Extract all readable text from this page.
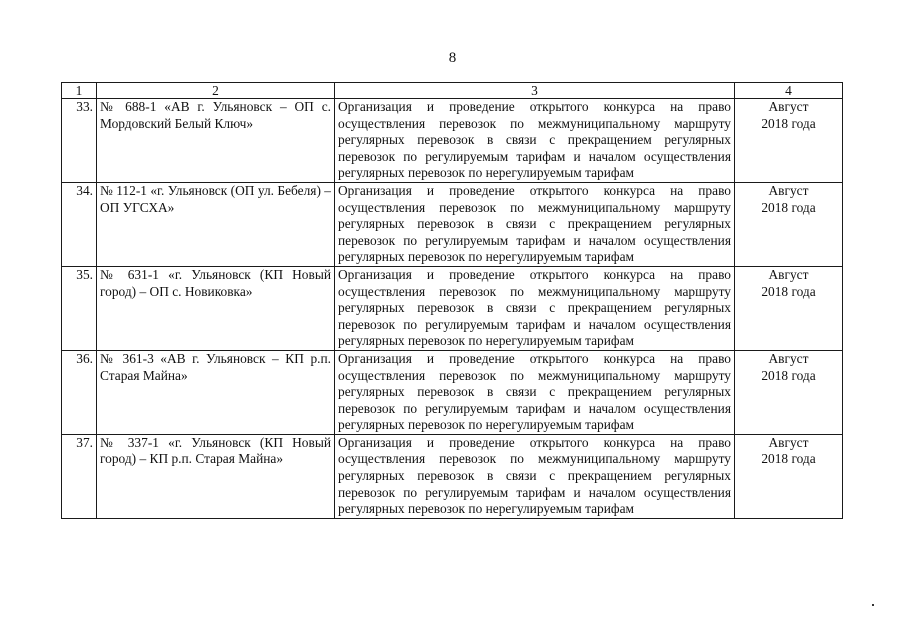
8
1	2	3	4
33.	№ 688-1 «АВ г. Ульяновск – ОП с. Мордовский Белый Ключ»	Организация и проведение открытого конкурса на право осуществления перевозок по межмуниципальному маршруту регулярных перевозок в связи с прекращением регулярных перевозок по регулируемым тарифам и началом осуществления регулярных перевозок по нерегулируемым тарифам	Август
2018 года

34.	№ 112-1 «г. Ульяновск (ОП ул. Бебеля) – ОП УГСХА»	Организация и проведение открытого конкурса на право осуществления перевозок по межмуниципальному маршруту регулярных перевозок в связи с прекращением регулярных перевозок по регулируемым тарифам и началом осуществления регулярных перевозок по нерегулируемым тарифам	Август
2018 года

35.	№ 631-1 «г. Ульяновск (КП Новый город) – ОП с. Новиковка»	Организация и проведение открытого конкурса на право осуществления перевозок по межмуниципальному маршруту регулярных перевозок в связи с прекращением регулярных перевозок по регулируемым тарифам и началом осуществления регулярных перевозок по нерегулируемым тарифам	Август
2018 года

36.	№ 361-3 «АВ г. Ульяновск – КП р.п. Старая Майна»	Организация и проведение открытого конкурса на право осуществления перевозок по межмуниципальному маршруту регулярных перевозок в связи с прекращением регулярных перевозок по регулируемым тарифам и началом осуществления регулярных перевозок по нерегулируемым тарифам	Август
2018 года

37.	№ 337-1 «г. Ульяновск (КП Новый город) – КП р.п. Старая Майна»	Организация и проведение открытого конкурса на право осуществления перевозок по межмуниципальному маршруту регулярных перевозок в связи с прекращением регулярных перевозок по регулируемым тарифам и началом осуществления регулярных перевозок по нерегулируемым тарифам	Август
2018 года
